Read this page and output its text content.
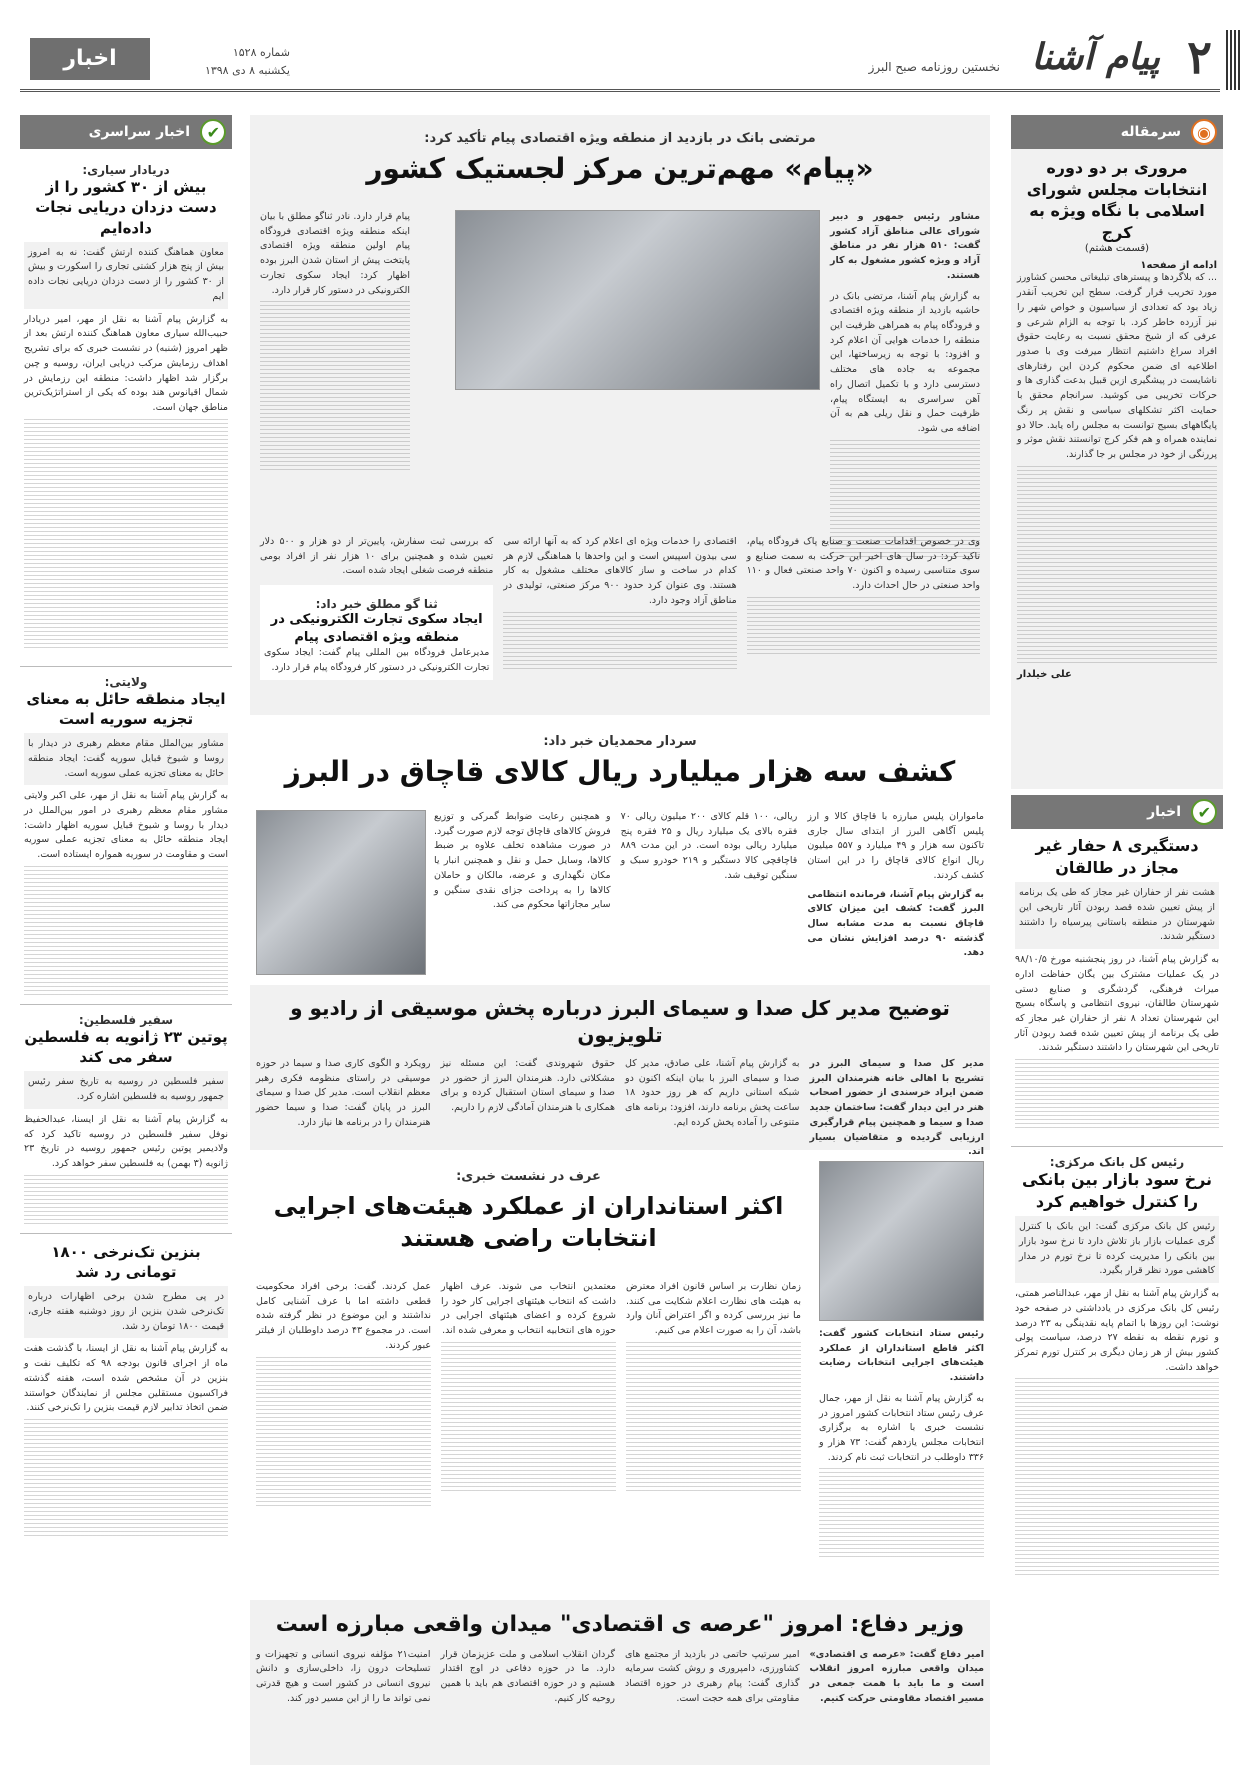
۲
پیام آشنا
نخستین روزنامه صبح البرز
شماره ۱۵۲۸
یکشنبه ۸ دی ۱۳۹۸
اخبار
◉
سرمقاله
مروری بر دو دوره انتخابات مجلس شورای اسلامی با نگاه ویژه به کرج
(قسمت هشتم)
ادامه از صفحه۱
... که بلاگردها و پیسترهای تبلیغاتی محسن کشاورز مورد تخریب قرار گرفت. سطح این تخریب آنقدر زیاد بود که تعدادی از سیاسیون و خواص شهر را نیز آزرده خاطر کرد. با توجه به الزام شرعی و عرفی که از شیخ محقق نسبت به رعایت حقوق افراد سراغ داشتیم انتظار میرفت وی با صدور اطلاعیه ای ضمن محکوم کردن این رفتارهای ناشایست در پیشگیری ازین قبیل بدعت گذاری ها و حرکات تخریبی می کوشید. سرانجام محقق با حمایت اکثر تشکلهای سیاسی و نقش پر رنگ پایگاههای بسیج توانست به مجلس راه یابد. حالا دو نماینده همراه و هم فکر کرج توانستند نقش موثر و پررنگی از خود در مجلس بر جا گذارند.
علی خیلدار
✔
اخبار
دستگیری ۸ حفار غیر مجاز در طالقان
هشت نفر از حفاران غیر مجاز که طی یک برنامه از پیش تعیین شده قصد ربودن آثار تاریخی این شهرستان در منطقه باستانی پیرسیاه را داشتند دستگیر شدند.
به گزارش پیام آشنا، در روز پنجشنبه مورخ ۹۸/۱۰/۵ در یک عملیات مشترک بین یگان حفاظت اداره میراث فرهنگی، گردشگری و صنایع دستی شهرستان طالقان، نیروی انتظامی و پاسگاه بسیج این شهرستان تعداد ۸ نفر از حفاران غیر مجاز که طی یک برنامه از پیش تعیین شده قصد ربودن آثار تاریخی این شهرستان را داشتند دستگیر شدند.
رئیس کل بانک مرکزی:
نرخ سود بازار بین بانکی را کنترل خواهیم کرد
رئیس کل بانک مرکزی گفت: این بانک با کنترل گری عملیات بازار باز تلاش دارد تا نرخ سود بازار بین بانکی را مدیریت کرده تا نرخ تورم در مدار کاهشی مورد نظر قرار بگیرد.
به گزارش پیام آشنا به نقل از مهر، عبدالناصر همتی، رئیس کل بانک مرکزی در یادداشتی در صفحه خود نوشت: این روزها با اتمام پایه نقدینگی به ۲۳ درصد و تورم نقطه به نقطه ۲۷ درصد، سیاست پولی کشور بیش از هر زمان دیگری بر کنترل تورم تمرکز خواهد داشت.
✔
اخبار سراسری
دریادار سیاری:
بیش از ۳۰ کشور را از دست دزدان دریایی نجات داده‌ایم
معاون هماهنگ کننده ارتش گفت: نه به امروز بیش از پنج هزار کشتی تجاری را اسکورت و بیش از ۳۰ کشور را از دست دزدان دریایی نجات داده ایم
به گزارش پیام آشنا به نقل از مهر، امیر دریادار حبیب‌الله سیاری معاون هماهنگ کننده ارتش بعد از ظهر امروز (شنبه) در نشست خبری که برای تشریح اهداف رزمایش مرکب دریایی ایران، روسیه و چین برگزار شد اظهار داشت: منطقه این رزمایش در شمال اقیانوس هند بوده که یکی از استراتژیک‌ترین مناطق جهان است.
ولایتی:
ایجاد منطقه حائل به معنای تجزیه سوریه است
مشاور بین‌الملل مقام معظم رهبری در دیدار با روسا و شیوخ قبایل سوریه گفت: ایجاد منطقه حائل به معنای تجزیه عملی سوریه است.
به گزارش پیام آشنا به نقل از مهر، علی اکبر ولایتی مشاور مقام معظم رهبری در امور بین‌الملل در دیدار با روسا و شیوخ قبایل سوریه اظهار داشت: ایجاد منطقه حائل به معنای تجزیه عملی سوریه است و مقاومت در سوریه همواره ایستاده است.
سفیر فلسطین:
پوتین ۲۳ ژانویه به فلسطین سفر می کند
سفیر فلسطین در روسیه به تاریخ سفر رئیس جمهور روسیه به فلسطین اشاره کرد.
به گزارش پیام آشنا به نقل از ایسنا، عبدالحفیظ نوفل سفیر فلسطین در روسیه تاکید کرد که ولادیمیر پوتین رئیس جمهور روسیه در تاریخ ۲۳ ژانویه (۳ بهمن) به فلسطین سفر خواهد کرد.
بنزین تک‌نرخی ۱۸۰۰ تومانی رد شد
در پی مطرح شدن برخی اظهارات درباره تک‌نرخی شدن بنزین از روز دوشنبه هفته جاری، قیمت ۱۸۰۰ تومان رد شد.
به گزارش پیام آشنا به نقل از ایسنا، با گذشت هفت ماه از اجرای قانون بودجه ۹۸ که تکلیف نفت و بنزین در آن مشخص شده است، هفته گذشته فراکسیون مستقلین مجلس از نمایندگان خواستند ضمن اتخاذ تدابیر لازم قیمت بنزین را تک‌نرخی کنند.
مرتضی بانک در بازدید از منطقه ویژه اقتصادی پیام تأکید کرد:
«پیام» مهم‌ترین مرکز لجستیک کشور
مشاور رئیس جمهور و دبیر شورای عالی مناطق آزاد کشور گفت: ۵۱۰ هزار نفر در مناطق آزاد و ویژه کشور مشغول به کار هستند.
به گزارش پیام آشنا، مرتضی بانک در حاشیه بازدید از منطقه ویژه اقتصادی و فرودگاه پیام به همراهی ظرفیت این منطقه را خدمات هوایی آن اعلام کرد و افزود: با توجه به زیرساختها، این مجموعه به جاده های مختلف دسترسی دارد و با تکمیل اتصال راه آهن سراسری به ایستگاه پیام، ظرفیت حمل و نقل ریلی هم به آن اضافه می شود.
پیام قرار دارد. نادر ثناگو مطلق با بیان اینکه منطقه ویژه اقتصادی فرودگاه پیام اولین منطقه ویژه اقتصادی پایتخت پیش از استان شدن البرز بوده اظهار کرد: ایجاد سکوی تجارت الکترونیکی در دستور کار قرار دارد.
وی در خصوص اقدامات صنعت و صنایع پاک فرودگاه پیام، تاکید کرد: در سال های اخیر این حرکت به سمت صنایع و سوی متناسبی رسیده و اکنون ۷۰ واحد صنعتی فعال و ۱۱۰ واحد صنعتی در حال احداث دارد.
اقتصادی را خدمات ویژه ای اعلام کرد که به آنها ارائه سی سی بیدون اسپیس است و این واحدها با هماهنگی لازم هر کدام در ساخت و ساز کالاهای مختلف مشغول به کار هستند. وی عنوان کرد حدود ۹۰۰ مرکز صنعتی، تولیدی در مناطق آزاد وجود دارد.
که بررسی ثبت سفارش، پایین‌تر از دو هزار و ۵۰۰ دلار تعیین شده و همچنین برای ۱۰ هزار نفر از افراد بومی منطقه فرصت شغلی ایجاد شده است.
ثنا گو مطلق خبر داد:
ایجاد سکوی تجارت الکترونیکی در منطقه ویژه اقتصادی پیام
مدیرعامل فرودگاه بین المللی پیام گفت: ایجاد سکوی تجارت الکترونیکی در دستور کار فرودگاه پیام قرار دارد.
سردار محمدیان خبر داد:
کشف سه هزار میلیارد ریال کالای قاچاق در البرز
مامواران پلیس مبارزه با قاچاق کالا و ارز پلیس آگاهی البرز از ابتدای سال جاری تاکنون سه هزار و ۴۹ میلیارد و ۵۵۷ میلیون ریال انواع کالای قاچاق را در این استان کشف کردند.
به گزارش پیام آشنا، فرمانده انتظامی البرز گفت: کشف این میزان کالای قاچاق نسبت به مدت مشابه سال گذشته ۹۰ درصد افزایش نشان می دهد.
ریالی، ۱۰۰ قلم کالای ۲۰۰ میلیون ریالی ۷۰ فقره بالای یک میلیارد ریال و ۲۵ فقره پنج میلیارد ریالی بوده است. در این مدت ۸۸۹ قاچاقچی کالا دستگیر و ۲۱۹ خودرو سبک و سنگین توقیف شد.
و همچنین رعایت ضوابط گمرکی و توزیع فروش کالاهای قاچاق توجه لازم صورت گیرد. در صورت مشاهده تخلف علاوه بر ضبط کالاها، وسایل حمل و نقل و همچنین انبار یا مکان نگهداری و عرضه، مالکان و حاملان کالاها را به پرداخت جزای نقدی سنگین و سایر مجازاتها محکوم می کند.
توضیح مدیر کل صدا و سیمای البرز درباره پخش موسیقی از رادیو و تلویزیون
مدیر کل صدا و سیمای البرز در تشریح با اهالی خانه هنرمندان البرز ضمن ایراد خرسندی از حضور اصحاب هنر در این دیدار گفت: ساختمان جدید صدا و سیما و همچنین پیام قرارگیری ارزیابی گردیده و متقاضیان بسیار اند.
به گزارش پیام آشنا، علی صادق، مدیر کل صدا و سیمای البرز با بیان اینکه اکنون دو شبکه استانی داریم که هر روز حدود ۱۸ ساعت پخش برنامه دارند، افزود: برنامه های متنوعی را آماده پخش کرده ایم.
حقوق شهروندی گفت: این مسئله نیز مشکلاتی دارد. هنرمندان البرز از حضور در صدا و سیمای استان استقبال کرده و برای همکاری با هنرمندان آمادگی لازم را داریم.
رویکرد و الگوی کاری صدا و سیما در حوزه موسیقی در راستای منظومه فکری رهبر معظم انقلاب است. مدیر کل صدا و سیمای البرز در پایان گفت: صدا و سیما حضور هنرمندان را در برنامه ها نیاز دارد.
رئیس ستاد انتخابات کشور گفت: اکثر قاطع استانداران از عملکرد هیئت‌های اجرایی انتخابات رضایت داشتند.
به گزارش پیام آشنا به نقل از مهر، جمال عرف رئیس ستاد انتخابات کشور امروز در نشست خبری با اشاره به برگزاری انتخابات مجلس یازدهم گفت: ۷۳ هزار و ۳۳۶ داوطلب در انتخابات ثبت نام کردند.
عرف در نشست خبری:
اکثر استانداران از عملکرد هیئت‌های اجرایی انتخابات راضی هستند
زمان نظارت بر اساس قانون افراد معترض به هیئت های نظارت اعلام شکایت می کنند. ما نیز بررسی کرده و اگر اعتراض آنان وارد باشد، آن را به صورت اعلام می کنیم.
معتمدین انتخاب می شوند. عرف اظهار داشت که انتخاب هیئتهای اجرایی کار خود را شروع کرده و اعضای هیئتهای اجرایی در حوزه های انتخابیه انتخاب و معرفی شده اند.
عمل کردند. گفت: برخی افراد محکومیت قطعی داشته اما با عرف آشنایی کامل نداشتند و این موضوع در نظر گرفته شده است. در مجموع ۴۳ درصد داوطلبان از فیلتر عبور کردند.
وزیر دفاع: امروز "عرصه ی اقتصادی" میدان واقعی مبارزه است
امیر دفاع گفت: «عرصه ی اقتصادی» میدان واقعی مبارزه امروز انقلاب است و ما باید با همت جمعی در مسیر اقتصاد مقاومتی حرکت کنیم.
امیر سرتیپ حاتمی در بازدید از مجتمع های کشاورزی، دامپروری و روش کشت سرمایه گذاری گفت: پیام رهبری در حوزه اقتصاد مقاومتی برای همه حجت است.
گردان انقلاب اسلامی و ملت عزیزمان قرار دارد. ما در حوزه دفاعی در اوج اقتدار هستیم و در حوزه اقتصادی هم باید با همین روحیه کار کنیم.
امنیت۲۱ مؤلفه نیروی انسانی و تجهیزات و تسلیحات درون زا، داخلی‌سازی و دانش نیروی انسانی در کشور است و هیچ قدرتی نمی تواند ما را از این مسیر دور کند.
